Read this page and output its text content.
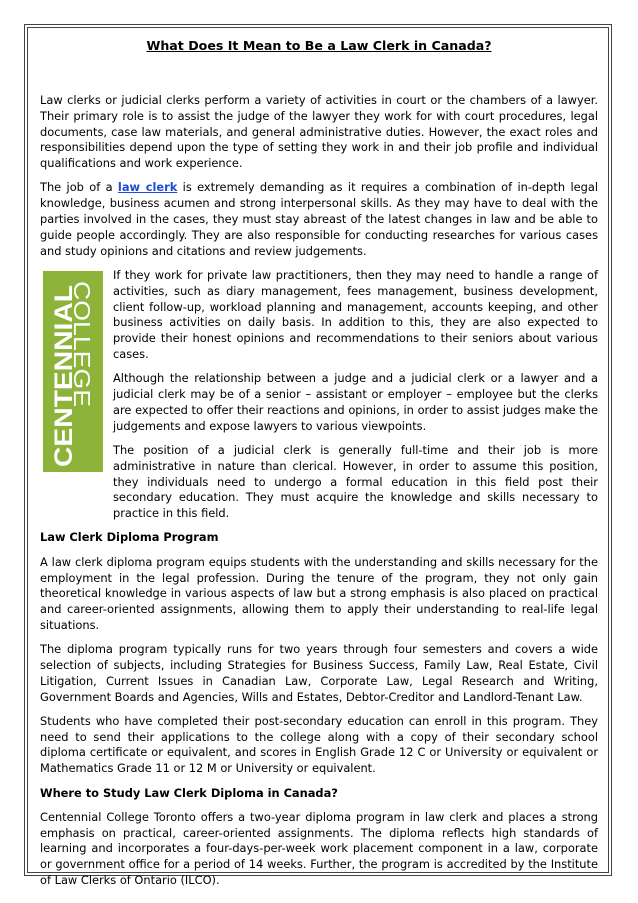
What Does It Mean to Be a Law Clerk in Canada?

Law clerks or judicial clerks perform a variety of activities in court or the chambers of a lawyer. Their primary role is to assist the judge of the lawyer they work for with court procedures, legal documents, case law materials, and general administrative duties. However, the exact roles and responsibilities depend upon the type of setting they work in and their job profile and individual qualifications and work experience.

The job of a law clerk is extremely demanding as it requires a combination of in-depth legal knowledge, business acumen and strong interpersonal skills. As they may have to deal with the parties involved in the cases, they must stay abreast of the latest changes in law and be able to guide people accordingly. They are also responsible for conducting researches for various cases and study opinions and citations and review judgements.

CENTENNIAL
COLLEGE

If they work for private law practitioners, then they may need to handle a range of activities, such as diary management, fees management, business development, client follow-up, workload planning and management, accounts keeping, and other business activities on daily basis. In addition to this, they are also expected to provide their honest opinions and recommendations to their seniors about various cases.

Although the relationship between a judge and a judicial clerk or a lawyer and a judicial clerk may be of a senior – assistant or employer – employee but the clerks are expected to offer their reactions and opinions, in order to assist judges make the judgements and expose lawyers to various viewpoints.

The position of a judicial clerk is generally full-time and their job is more administrative in nature than clerical. However, in order to assume this position, they individuals need to undergo a formal education in this field post their secondary education. They must acquire the knowledge and skills necessary to practice in this field.

Law Clerk Diploma Program

A law clerk diploma program equips students with the understanding and skills necessary for the employment in the legal profession. During the tenure of the program, they not only gain theoretical knowledge in various aspects of law but a strong emphasis is also placed on practical and career-oriented assignments, allowing them to apply their understanding to real-life legal situations.

The diploma program typically runs for two years through four semesters and covers a wide selection of subjects, including Strategies for Business Success, Family Law, Real Estate, Civil Litigation, Current Issues in Canadian Law, Corporate Law, Legal Research and Writing, Government Boards and Agencies, Wills and Estates, Debtor-Creditor and Landlord-Tenant Law.

Students who have completed their post-secondary education can enroll in this program. They need to send their applications to the college along with a copy of their secondary school diploma certificate or equivalent, and scores in English Grade 12 C or University or equivalent or Mathematics Grade 11 or 12 M or University or equivalent.

Where to Study Law Clerk Diploma in Canada?

Centennial College Toronto offers a two-year diploma program in law clerk and places a strong emphasis on practical, career-oriented assignments. The diploma reflects high standards of learning and incorporates a four-days-per-week work placement component in a law, corporate or government office for a period of 14 weeks. Further, the program is accredited by the Institute of Law Clerks of Ontario (ILCO).
